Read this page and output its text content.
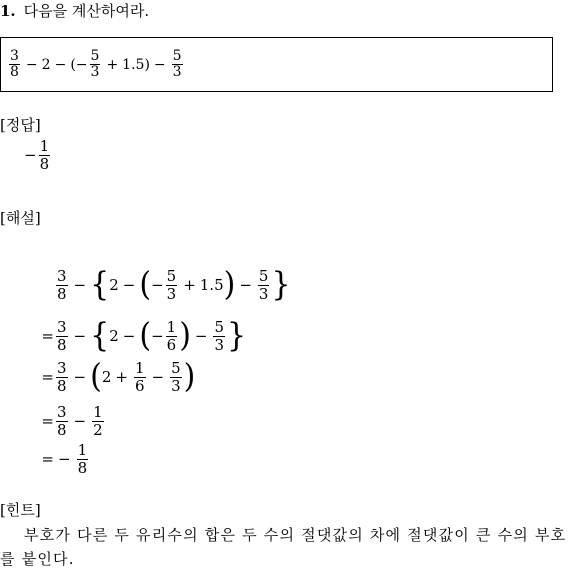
1. 다음을 계산하여라.
$\frac{3}{8} - 2$ − ( − $\frac{5}{3} + 1.5$ ) − $\frac{5}{3}$
[정답]
− $\frac{1}{8}$
[해설]
$\frac{3}{8}$ − { 2 − ( − $\frac{5}{3} + 1.5$ ) − $\frac{5}{3}$ }
= $\frac{3}{8}$ − { 2 − ( − $\frac{1}{6}$ ) − $\frac{5}{3}$ }
= $\frac{3}{8}$ − ( $2 + \frac{1}{6} - \frac{5}{3}$ )
= $\frac{3}{8} - \frac{1}{2}$
= − $\frac{1}{8}$
[힌트]
부호가 다른 두 유리수의 합은 두 수의 절댓값의 차에 절댓값이 큰 수의 부호를 붙인다.
